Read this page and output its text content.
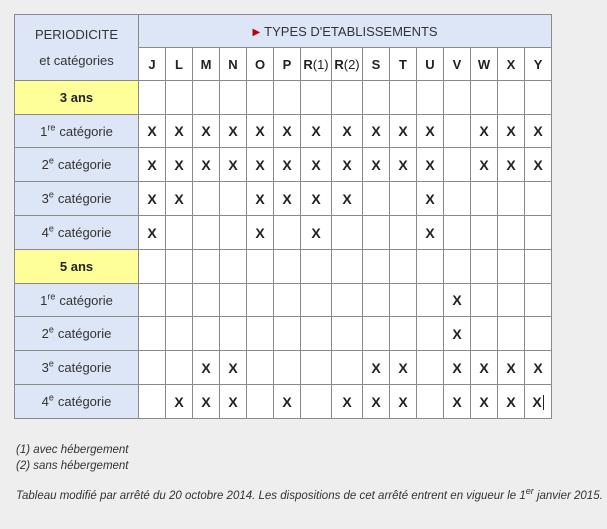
PERIODICITE
et catégories	▶ TYPES D'ETABLISSEMENTS														
	J	L	M	N	O	P	R(1)	R(2)	S	T	U	V	W	X	Y
3 ans															
1re catégorie	X	X	X	X	X	X	X	X	X	X	X		X	X	X
2e catégorie	X	X	X	X	X	X	X	X	X	X	X		X	X	X
3e catégorie	X	X			X	X	X	X			X				
4e catégorie	X				X		X				X				
5 ans															
1re catégorie												X			
2e catégorie												X			
3e catégorie			X	X					X	X		X	X	X	X
4e catégorie		X	X	X		X		X	X	X		X	X	X	X

(1) avec hébergement

(2) sans hébergement

Tableau modifié par arrêté du 20 octobre 2014. Les dispositions de cet arrêté entrent en vigueur le 1er janvier 2015.
